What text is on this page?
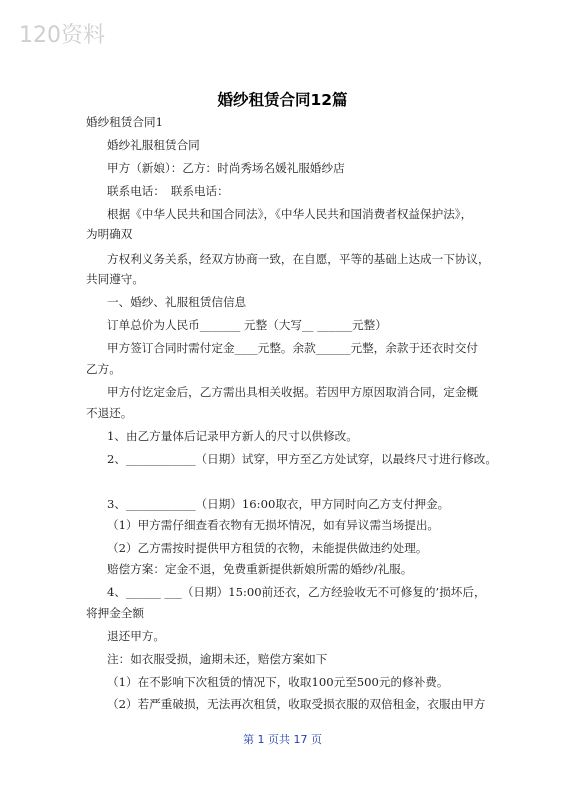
120资料
婚纱租赁合同12篇
婚纱租赁合同1
婚纱礼服租赁合同
甲方（新娘）：乙方：时尚秀场名媛礼服婚纱店
联系电话：　联系电话：
根据《中华人民共和国合同法》，《中华人民共和国消费者权益保护法》，
为明确双
方权利义务关系，经双方协商一致，在自愿，平等的基础上达成一下协议，
共同遵守。
一、婚纱、礼服租赁信信息
订单总价为人民币_______ 元整（大写__ ______元整）
甲方签订合同时需付定金____元整。余款______元整，余款于还衣时交付
乙方。
甲方付讫定金后，乙方需出具相关收据。若因甲方原因取消合同，定金概
不退还。
1、由乙方量体后记录甲方新人的尺寸以供修改。
2、____________（日期）试穿，甲方至乙方处试穿，以最终尺寸进行修改。
3、____________（日期）16:00取衣，甲方同时向乙方支付押金。
（1）甲方需仔细查看衣物有无损坏情况，如有异议需当场提出。
（2）乙方需按时提供甲方租赁的衣物，未能提供做违约处理。
赔偿方案：定金不退，免费重新提供新娘所需的婚纱/礼服。
4、______ ___（日期）15:00前还衣，乙方经验收无不可修复的’损坏后，
将押金全额
退还甲方。
注：如衣服受损，逾期未还，赔偿方案如下
（1）在不影响下次租赁的情况下，收取100元至500元的修补费。
（2）若严重破损，无法再次租赁，收取受损衣服的双倍租金，衣服由甲方
第 1 页共 17 页
